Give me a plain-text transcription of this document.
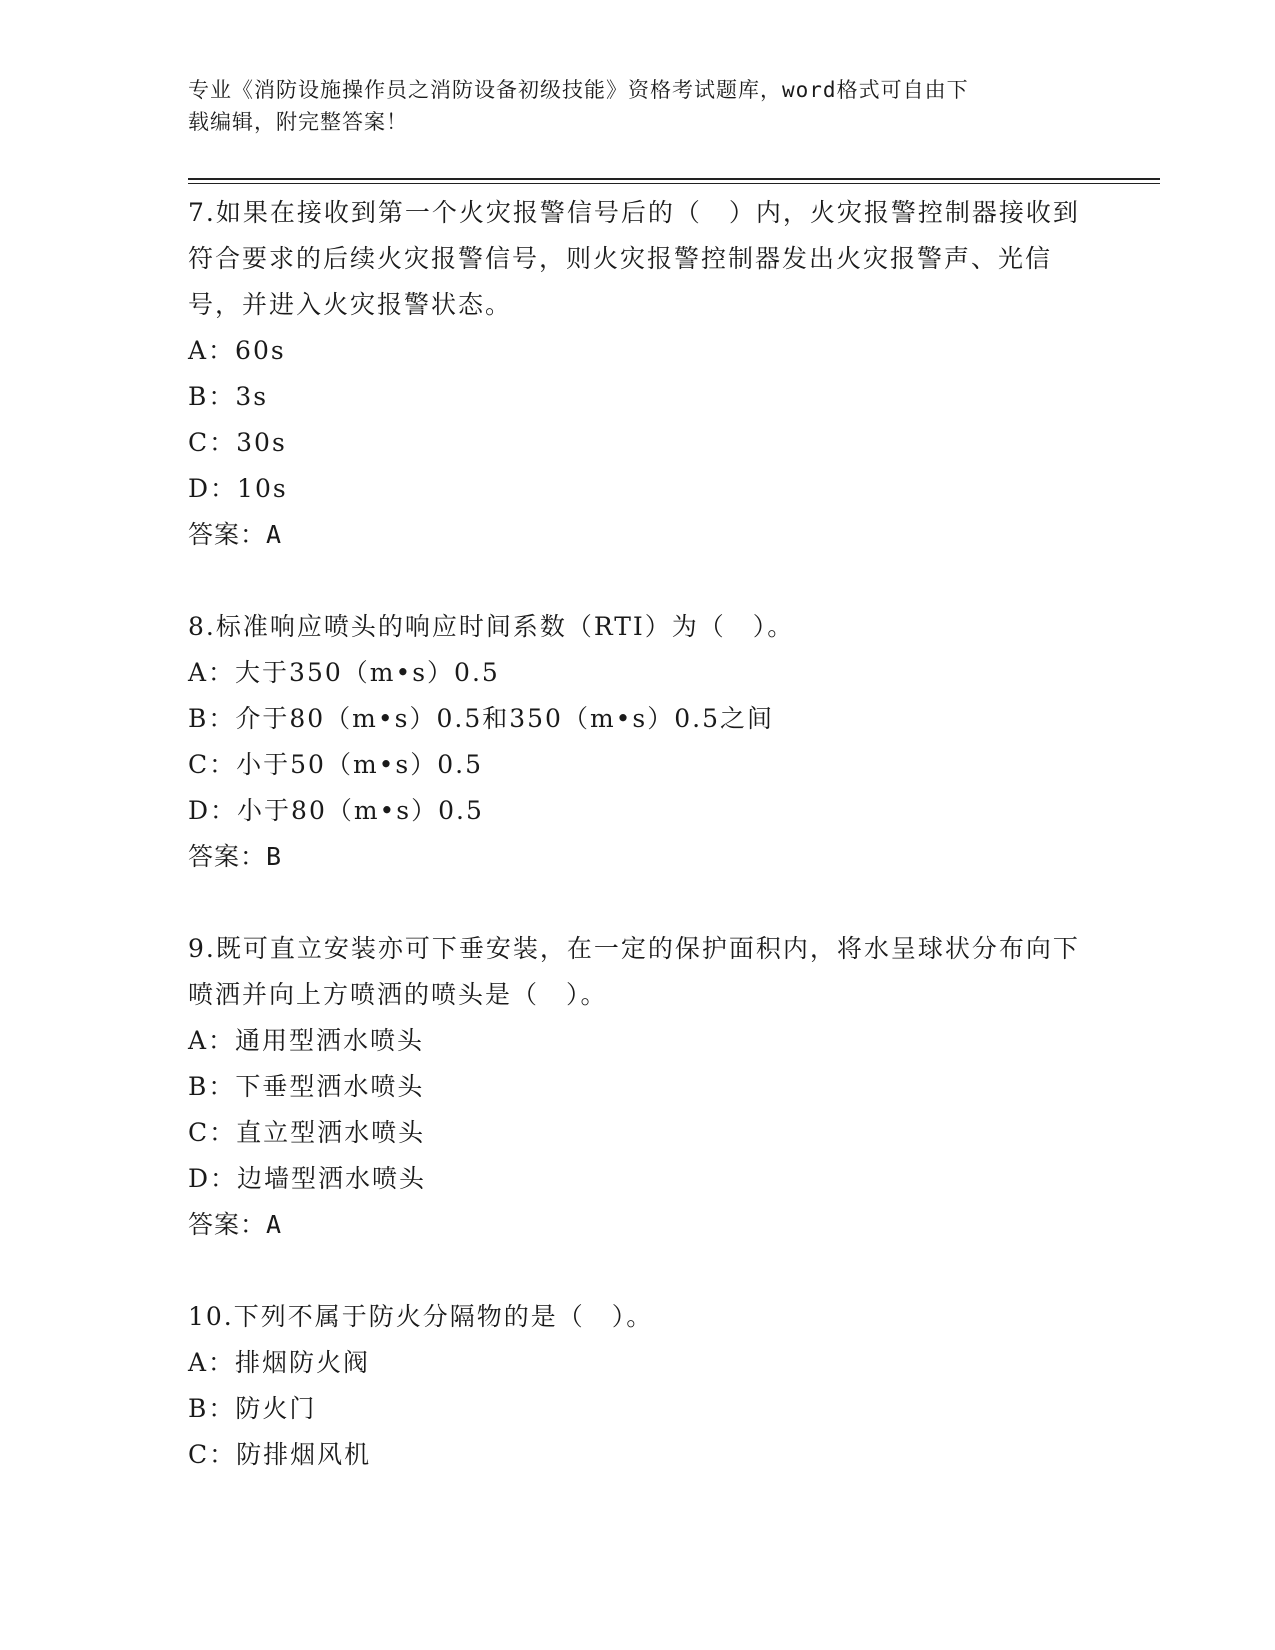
专业《消防设施操作员之消防设备初级技能》资格考试题库，word格式可自由下
载编辑，附完整答案！

7.如果在接收到第一个火灾报警信号后的（　）内，火灾报警控制器接收到符合要求的后续火灾报警信号，则火灾报警控制器发出火灾报警声、光信号，并进入火灾报警状态。

A：60s
B：3s
C：30s
D：10s
答案：A

8.标准响应喷头的响应时间系数（RTI）为（　）。

A：大于350（m•s）0.5
B：介于80（m•s）0.5和350（m•s）0.5之间
C：小于50（m•s）0.5
D：小于80（m•s）0.5
答案：B

9.既可直立安装亦可下垂安装，在一定的保护面积内，将水呈球状分布向下喷洒并向上方喷洒的喷头是（　）。

A：通用型洒水喷头
B：下垂型洒水喷头
C：直立型洒水喷头
D：边墙型洒水喷头
答案：A

10.下列不属于防火分隔物的是（　）。

A：排烟防火阀
B：防火门
C：防排烟风机
